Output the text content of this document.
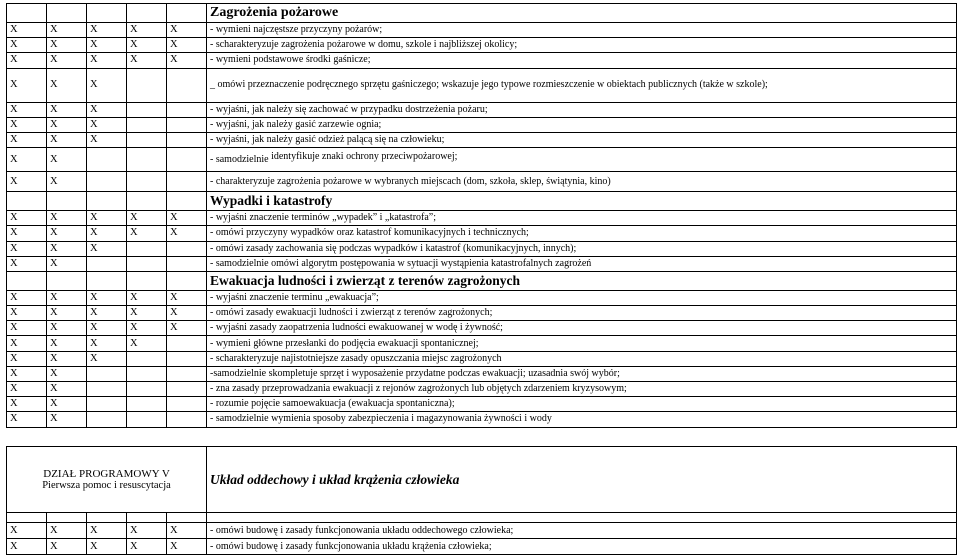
					Zagrożenia pożarowe
X	X	X	X	X	- wymieni najczęstsze przyczyny pożarów;
X	X	X	X	X	- scharakteryzuje zagrożenia pożarowe w domu, szkole i najbliższej okolicy;
X	X	X	X	X	- wymieni podstawowe środki gaśnicze;
X	X	X			_ omówi przeznaczenie podręcznego sprzętu gaśniczego; wskazuje jego typowe rozmieszczenie w obiektach publicznych (także w szkole);
X	X	X			- wyjaśni, jak należy się zachować w przypadku dostrzeżenia pożaru;
X	X	X			- wyjaśni, jak należy gasić zarzewie ognia;
X	X	X			- wyjaśni, jak należy gasić odzież palącą się na człowieku;
X	X				- samodzielnie identyfikuje znaki ochrony przeciwpożarowej;
X	X				- charakteryzuje zagrożenia pożarowe w wybranych miejscach (dom, szkoła, sklep, świątynia, kino)
					Wypadki i katastrofy
X	X	X	X	X	- wyjaśni znaczenie terminów „wypadek” i „katastrofa”;
X	X	X	X	X	- omówi przyczyny wypadków oraz katastrof komunikacyjnych i technicznych;
X	X	X			- omówi zasady zachowania się podczas wypadków i katastrof (komunikacyjnych, innych);
X	X				- samodzielnie omówi algorytm postępowania w sytuacji wystąpienia katastrofalnych zagrożeń
					Ewakuacja ludności i zwierząt z terenów zagrożonych
X	X	X	X	X	- wyjaśni znaczenie terminu „ewakuacja”;
X	X	X	X	X	- omówi zasady ewakuacji ludności i zwierząt z terenów zagrożonych;
X	X	X	X	X	- wyjaśni zasady zaopatrzenia ludności ewakuowanej w wodę i żywność;
X	X	X	X		- wymieni główne przesłanki do podjęcia ewakuacji spontanicznej;
X	X	X			- scharakteryzuje najistotniejsze zasady opuszczania miejsc zagrożonych
X	X				-samodzielnie skompletuje sprzęt i wyposażenie przydatne podczas ewakuacji; uzasadnia swój wybór;
X	X				- zna zasady przeprowadzania ewakuacji z rejonów zagrożonych lub objętych zdarzeniem kryzysowym;
X	X				- rozumie pojęcie samoewakuacja (ewakuacja spontaniczna);
X	X				- samodzielnie wymienia sposoby zabezpieczenia i magazynowania żywności i wody
DZIAŁ PROGRAMOWY V
Pierwsza pomoc i resuscytacja					Układ oddechowy i układ krążenia człowieka

X	X	X	X	X	- omówi budowę i zasady funkcjonowania układu oddechowego człowieka;
X	X	X	X	X	- omówi budowę i zasady funkcjonowania układu krążenia człowieka;
